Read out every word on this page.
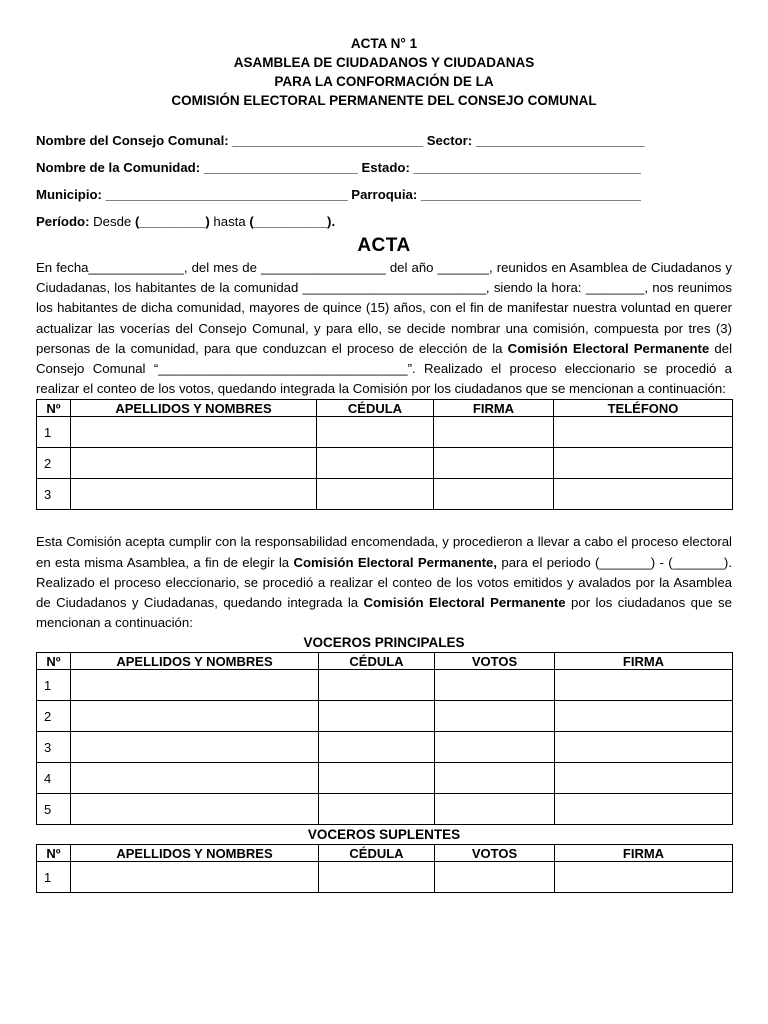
ACTA N° 1

ASAMBLEA DE CIUDADANOS Y CIUDADANAS

PARA LA CONFORMACIÓN DE LA

COMISIÓN ELECTORAL PERMANENTE DEL CONSEJO COMUNAL

Nombre del Consejo Comunal: __________________________ Sector: _______________________
Nombre de la Comunidad: _____________________ Estado: _______________________________
Municipio: _________________________________ Parroquia: ______________________________
Período: Desde (_________) hasta (__________).
ACTA

En fecha_____________, del mes de _________________ del año _______, reunidos en Asamblea de Ciudadanos y Ciudadanas, los habitantes de la comunidad _________________________, siendo la hora: ________, nos reunimos los habitantes de dicha comunidad, mayores de quince (15) años, con el fin de manifestar nuestra voluntad en querer actualizar las vocerías del Consejo Comunal, y para ello, se decide nombrar una comisión, compuesta por tres (3) personas de la comunidad, para que conduzcan el proceso de elección de la Comisión Electoral Permanente del Consejo Comunal “__________________________________”. Realizado el proceso eleccionario se procedió a realizar el conteo de los votos, quedando integrada la Comisión por los ciudadanos que se mencionan a continuación:

Nº	APELLIDOS Y NOMBRES	CÉDULA	FIRMA	TELÉFONO
1				
2				
3				

Esta Comisión acepta cumplir con la responsabilidad encomendada, y procedieron a llevar a cabo el proceso electoral en esta misma Asamblea, a fin de elegir la Comisión Electoral Permanente, para el periodo (_______) - (_______). Realizado el proceso eleccionario, se procedió a realizar el conteo de los votos emitidos y avalados por la Asamblea de Ciudadanos y Ciudadanas, quedando integrada la Comisión Electoral Permanente por los ciudadanos que se mencionan a continuación:

VOCEROS PRINCIPALES

Nº	APELLIDOS Y NOMBRES	CÉDULA	VOTOS	FIRMA
1				
2				
3				
4				
5				

VOCEROS SUPLENTES

Nº	APELLIDOS Y NOMBRES	CÉDULA	VOTOS	FIRMA
1				
